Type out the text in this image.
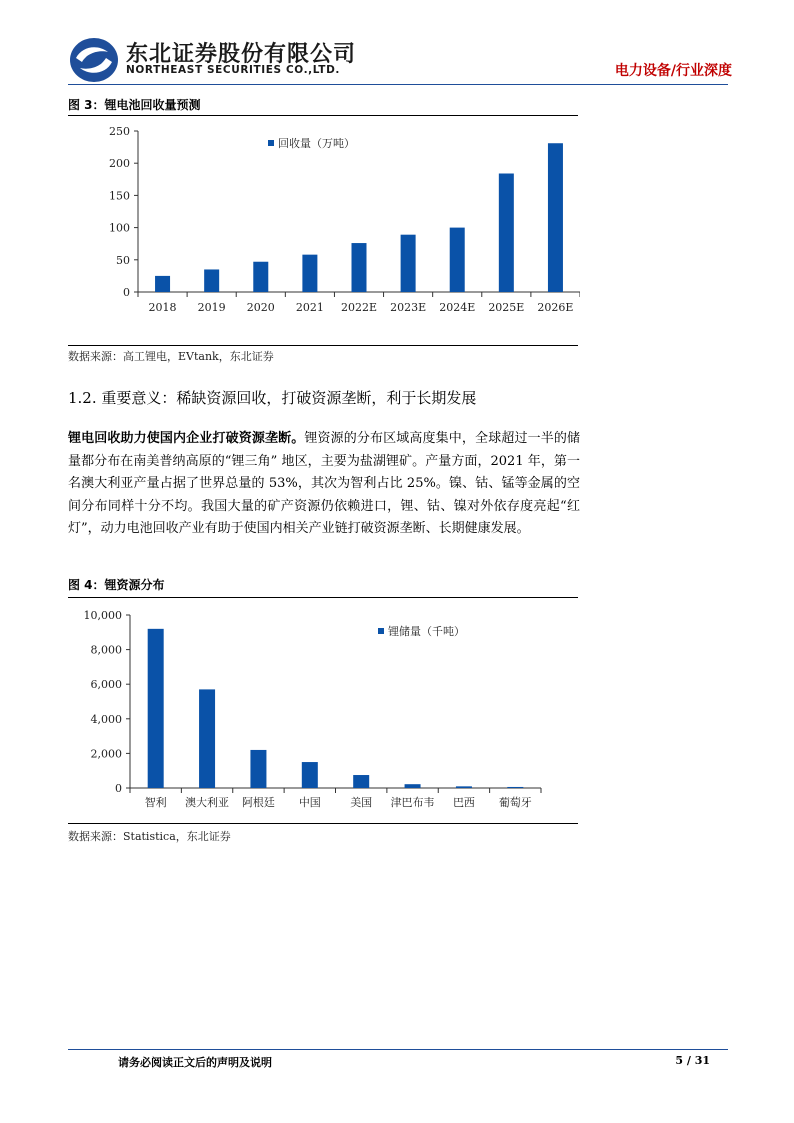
东北证券股份有限公司
NORTHEAST SECURITIES CO.,LTD.	电力设备/行业深度
图 3：锂电池回收量预测
0
50
100
150
200
250
2018 2019 2020 2021 2022E 2023E 2024E 2025E 2026E
回收量（万吨）
数据来源：高工锂电，EVtank，东北证券
1.2. 重要意义：稀缺资源回收，打破资源垄断，利于长期发展
锂电回收助力使国内企业打破资源垄断。锂资源的分布区域高度集中，全球超过一半的储量都分布在南美普纳高原的“锂三角” 地区，主要为盐湖锂矿。产量方面，2021 年，第一名澳大利亚产量占据了世界总量的 53%，其次为智利占比 25%。镍、钴、锰等金属的空间分布同样十分不均。我国大量的矿产资源仍依赖进口，锂、钴、镍对外依存度亮起“红灯”，动力电池回收产业有助于使国内相关产业链打破资源垄断、长期健康发展。
图 4：锂资源分布
0
2,000
4,000
6,000
8,000
10,000
智利 澳大利亚 阿根廷 中国	美国 津巴布韦 巴西 葡萄牙
锂储量（千吨）
数据来源：Statistica，东北证券
请务必阅读正文后的声明及说明	5 / 31
